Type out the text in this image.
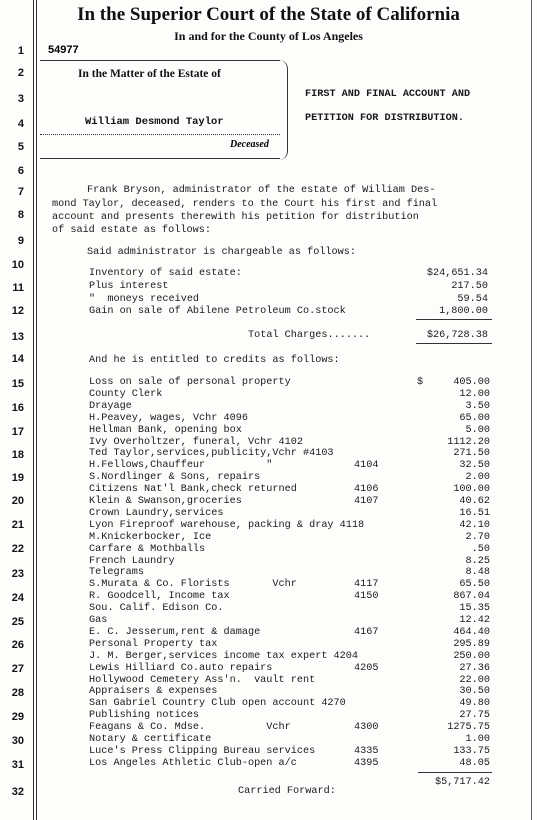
In the Superior Court of the State of California
In and for the County of Los Angeles
1
2
3
4
5
6
7
8
9
10
11
12
13
14
15
16
17
18
19
20
21
22
23
24
25
26
27
28
29
30
31
32
54977
In the Matter of the Estate of
William Desmond Taylor
Deceased
FIRST AND FINAL ACCOUNT AND
PETITION FOR DISTRIBUTION.
Frank Bryson, administrator of the estate of William Des-
mond Taylor, deceased, renders to the Court his first and final
account and presents therewith his petition for distribution
of said estate as follows:
Said administrator is chargeable as follows:
Inventory of said estate:	$24,651.34
Plus interest	217.50
"  moneys received	59.54
Gain on sale of Abilene Petroleum Co.stock	1,800.00
Total Charges.......	$26,728.38
And he is entitled to credits as follows:
Loss on sale of personal property	$	405.00
County Clerk	12.00
Drayage	3.50
H.Peavey, wages, Vchr 4096	65.00
Hellman Bank, opening box	5.00
Ivy Overholtzer, funeral, Vchr 4102	1112.20
Ted Taylor,services,publicity,Vchr #4103	271.50
H.Fellows,Chauffeur          "	4104	32.50
S.Nordlinger & Sons, repairs	2.00
Citizens Nat'l Bank,check returned	4106	100.00
Klein & Swanson,groceries	4107	40.62
Crown Laundry,services	16.51
Lyon Fireproof warehouse, packing & dray 4118	42.10
M.Knickerbocker, Ice	2.70
Carfare & Mothballs	.50
French Laundry	8.25
Telegrams	8.48
S.Murata & Co. Florists       Vchr	4117	65.50
R. Goodcell, Income tax	4150	867.04
Sou. Calif. Edison Co.	15.35
Gas	12.42
E. C. Jesserum,rent & damage	4167	464.40
Personal Property tax	295.89
J. M. Berger,services income tax expert 4204	250.00
Lewis Hilliard Co.auto repairs	4205	27.36
Hollywood Cemetery Ass'n.  vault rent	22.00
Appraisers & expenses	30.50
San Gabriel Country Club open account 4270	49.80
Publishing notices	27.75
Feagans & Co. Mdse.          Vchr	4300	1275.75
Notary & certificate	1.00
Luce's Press Clipping Bureau services	4335	133.75
Los Angeles Athletic Club-open a/c	4395	48.05
Carried Forward:
$5,717.42
